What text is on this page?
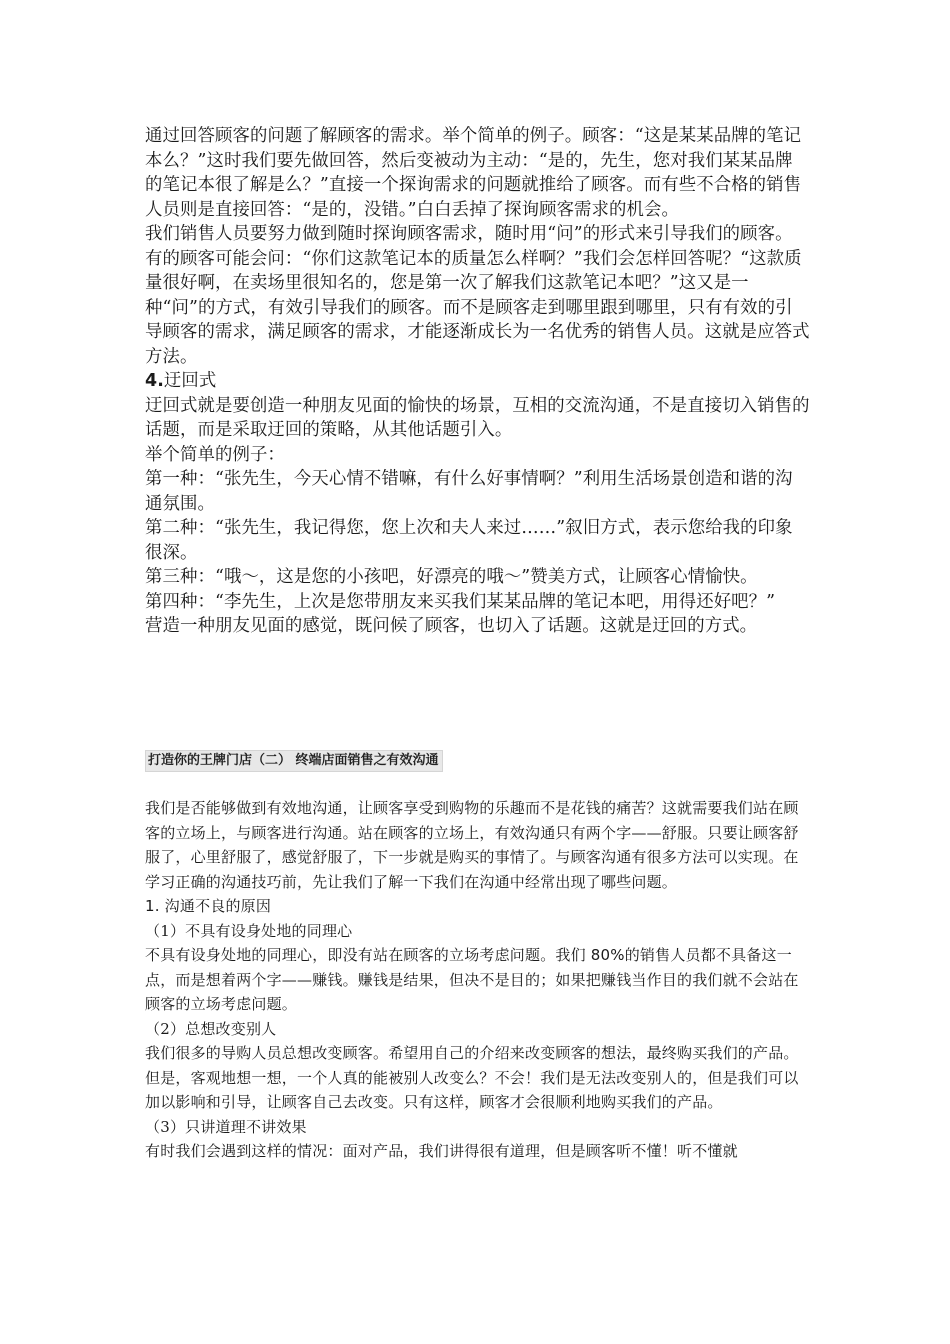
通过回答顾客的问题了解顾客的需求。举个简单的例子。顾客：“这是某某品牌的笔记本么？”这时我们要先做回答，然后变被动为主动：“是的，先生，您对我们某某品牌的笔记本很了解是么？”直接一个探询需求的问题就推给了顾客。而有些不合格的销售人员则是直接回答：“是的，没错。”白白丢掉了探询顾客需求的机会。

我们销售人员要努力做到随时探询顾客需求，随时用“问”的形式来引导我们的顾客。有的顾客可能会问：“你们这款笔记本的质量怎么样啊？”我们会怎样回答呢？“这款质量很好啊，在卖场里很知名的，您是第一次了解我们这款笔记本吧？”这又是一种“问”的方式，有效引导我们的顾客。而不是顾客走到哪里跟到哪里，只有有效的引导顾客的需求，满足顾客的需求，才能逐渐成长为一名优秀的销售人员。这就是应答式方法。

4.迂回式

迂回式就是要创造一种朋友见面的愉快的场景，互相的交流沟通，不是直接切入销售的话题，而是采取迂回的策略，从其他话题引入。

举个简单的例子：

第一种：“张先生，今天心情不错嘛，有什么好事情啊？”利用生活场景创造和谐的沟通氛围。

第二种：“张先生，我记得您，您上次和夫人来过……”叙旧方式，表示您给我的印象很深。

第三种：“哦～，这是您的小孩吧，好漂亮的哦～”赞美方式，让顾客心情愉快。

第四种：“李先生，上次是您带朋友来买我们某某品牌的笔记本吧，用得还好吧？”

营造一种朋友见面的感觉，既问候了顾客，也切入了话题。这就是迂回的方式。

打造你的王牌门店（二） 终端店面销售之有效沟通

我们是否能够做到有效地沟通，让顾客享受到购物的乐趣而不是花钱的痛苦？这就需要我们站在顾客的立场上，与顾客进行沟通。站在顾客的立场上，有效沟通只有两个字——舒服。只要让顾客舒服了，心里舒服了，感觉舒服了，下一步就是购买的事情了。与顾客沟通有很多方法可以实现。在学习正确的沟通技巧前，先让我们了解一下我们在沟通中经常出现了哪些问题。

1. 沟通不良的原因

（1）不具有设身处地的同理心

不具有设身处地的同理心，即没有站在顾客的立场考虑问题。我们 80%的销售人员都不具备这一点，而是想着两个字——赚钱。赚钱是结果，但决不是目的；如果把赚钱当作目的我们就不会站在顾客的立场考虑问题。

（2）总想改变别人

我们很多的导购人员总想改变顾客。希望用自己的介绍来改变顾客的想法，最终购买我们的产品。但是，客观地想一想，一个人真的能被别人改变么？不会！我们是无法改变别人的，但是我们可以加以影响和引导，让顾客自己去改变。只有这样，顾客才会很顺利地购买我们的产品。

（3）只讲道理不讲效果

有时我们会遇到这样的情况：面对产品，我们讲得很有道理，但是顾客听不懂！听不懂就
